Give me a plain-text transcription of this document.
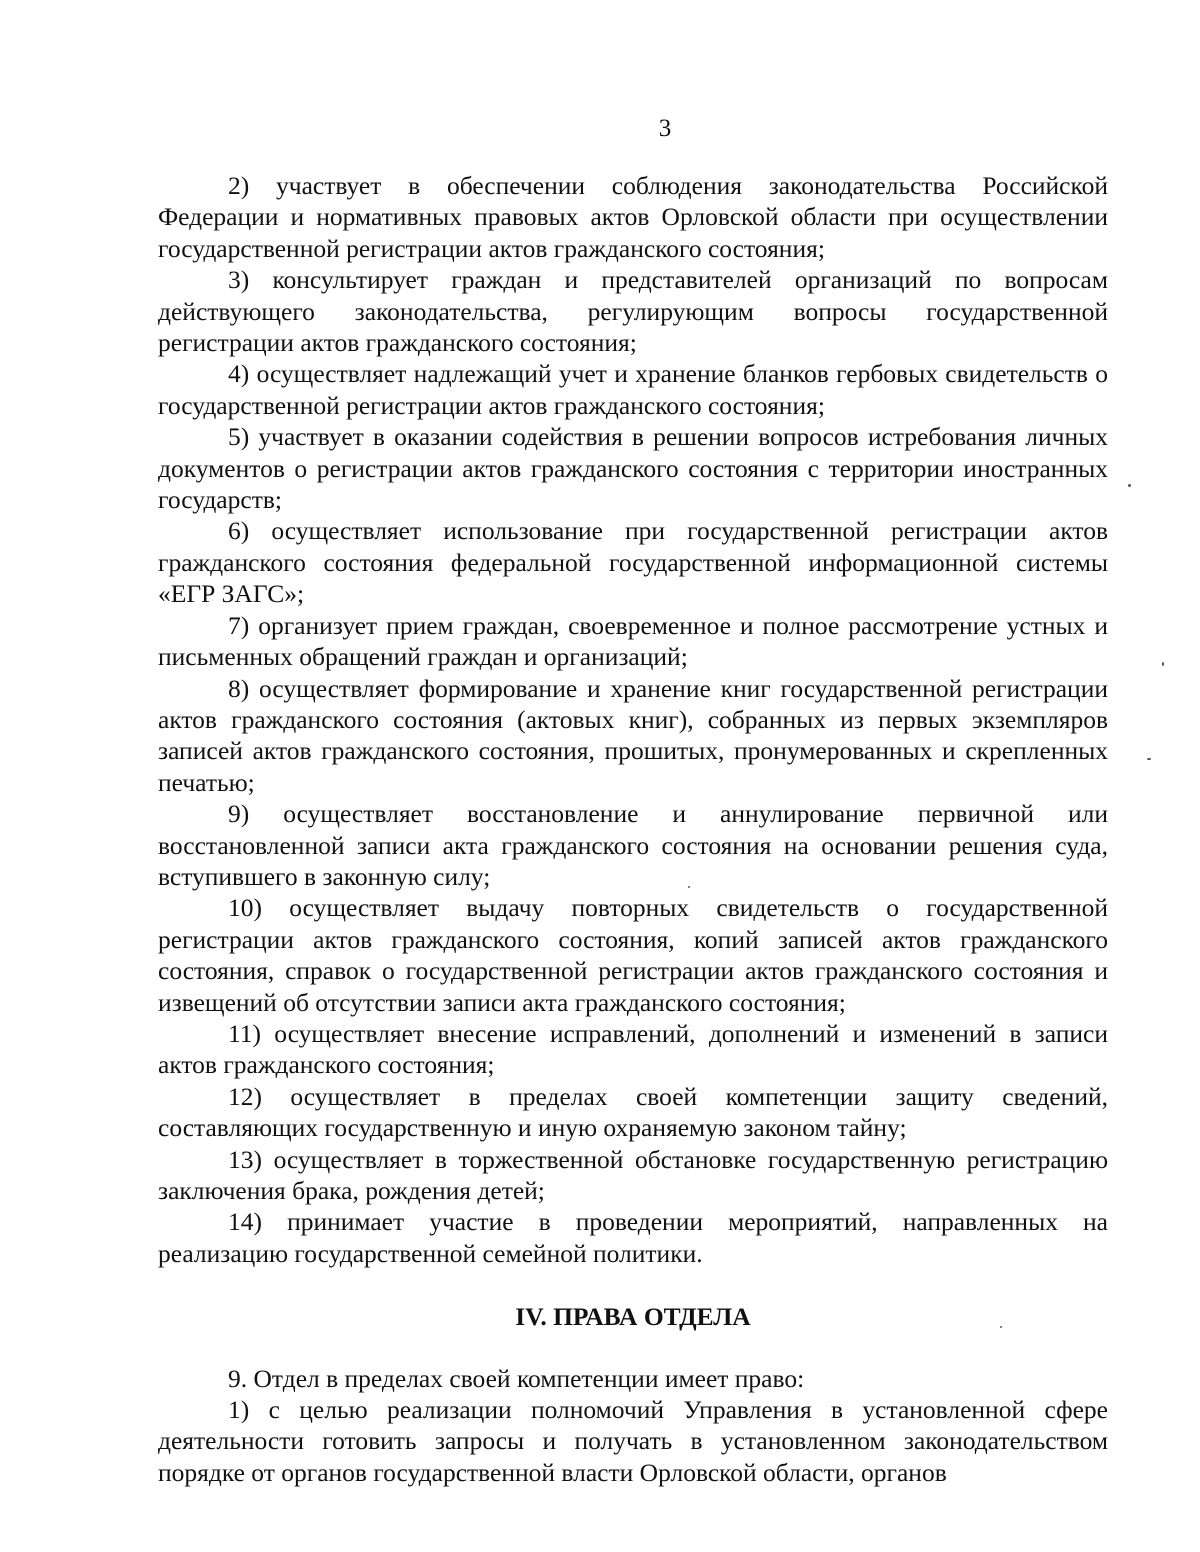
3

2) участвует в обеспечении соблюдения законодательства Российской Федерации и нормативных правовых актов Орловской области при осуществлении государственной регистрации актов гражданского состояния;

3) консультирует граждан и представителей организаций по вопросам действующего законодательства, регулирующим вопросы государственной регистрации актов гражданского состояния;

4) осуществляет надлежащий учет и хранение бланков гербовых свидетельств о государственной регистрации актов гражданского состояния;

5) участвует в оказании содействия в решении вопросов истребования личных документов о регистрации актов гражданского состояния с территории иностранных государств;

6) осуществляет использование при государственной регистрации актов гражданского состояния федеральной государственной информационной системы «ЕГР ЗАГС»;

7) организует прием граждан, своевременное и полное рассмотрение устных и письменных обращений граждан и организаций;

8) осуществляет формирование и хранение книг государственной регистрации актов гражданского состояния (актовых книг), собранных из первых экземпляров записей актов гражданского состояния, прошитых, пронумерованных и скрепленных печатью;

9) осуществляет восстановление и аннулирование первичной или восстановленной записи акта гражданского состояния на основании решения суда, вступившего в законную силу;

10) осуществляет выдачу повторных свидетельств о государственной регистрации актов гражданского состояния, копий записей актов гражданского состояния, справок о государственной регистрации актов гражданского состояния и извещений об отсутствии записи акта гражданского состояния;

11) осуществляет внесение исправлений, дополнений и изменений в записи актов гражданского состояния;

12) осуществляет в пределах своей компетенции защиту сведений, составляющих государственную и иную охраняемую законом тайну;

13) осуществляет в торжественной обстановке государственную регистрацию заключения брака, рождения детей;

14) принимает участие в проведении мероприятий, направленных на реализацию государственной семейной политики.

IV. ПРАВА ОТДЕЛА

9. Отдел в пределах своей компетенции имеет право:

1) с целью реализации полномочий Управления в установленной сфере деятельности готовить запросы и получать в установленном законодательством порядке от органов государственной власти Орловской области, органов
